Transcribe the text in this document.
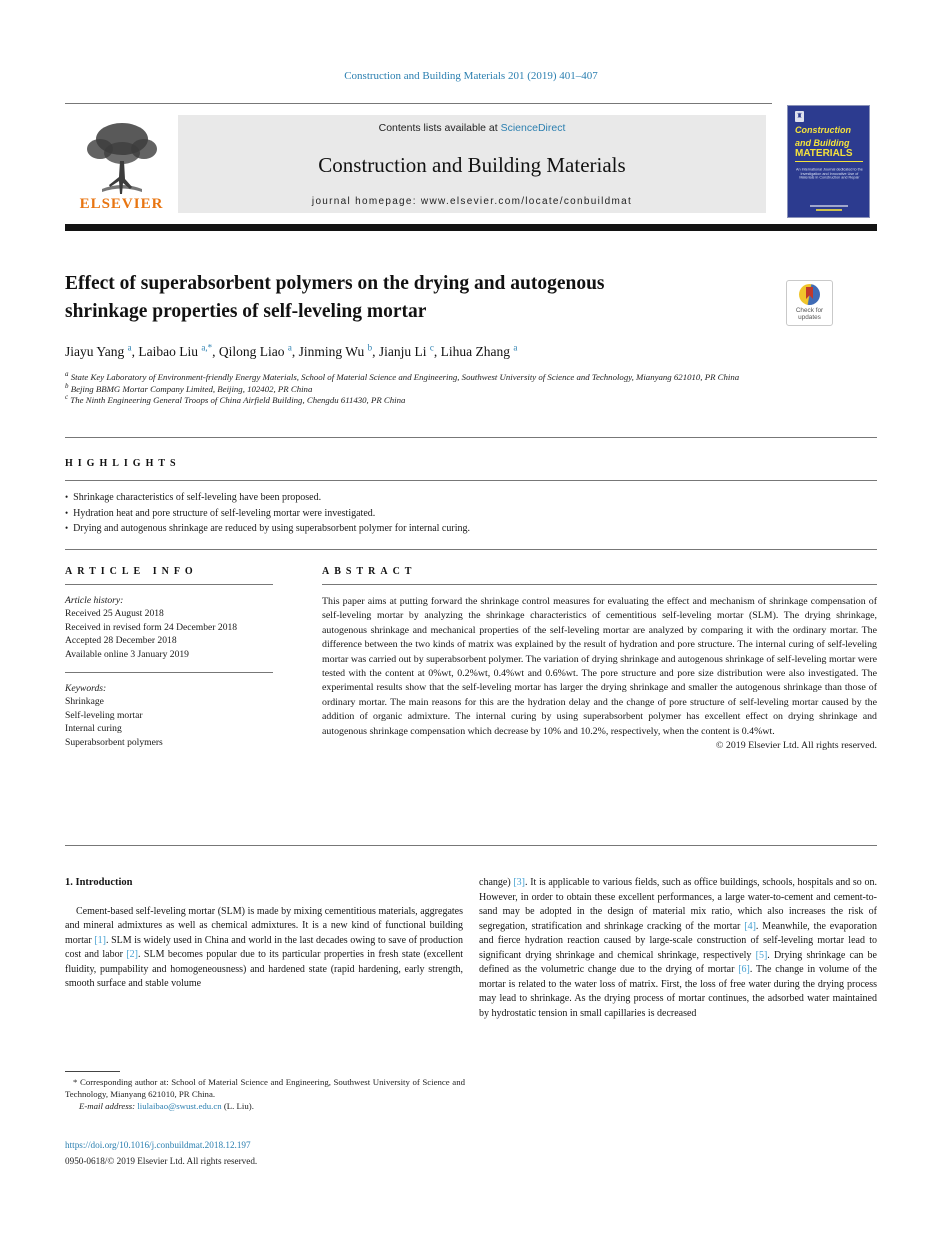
Construction and Building Materials 201 (2019) 401–407
ELSEVIER
Contents lists available at ScienceDirect
Construction and Building Materials
journal homepage: www.elsevier.com/locate/conbuildmat
♜
Construction
and Building
MATERIALS
An International Journal dedicated to the Investigation and Innovative Use of Materials in Construction and Repair
Effect of superabsorbent polymers on the drying and autogenous
shrinkage properties of self-leveling mortar	Check for
updates
Jiayu Yang $^a$, Laibao Liu $^{a,*}$, Qilong Liao $^a$, Jinming Wu $^b$, Jianju Li $^c$, Lihua Zhang $^a$
$^a$ State Key Laboratory of Environment-friendly Energy Materials, School of Material Science and Engineering, Southwest University of Science and Technology, Mianyang 621010, PR China
$^b$ Bejing BBMG Mortar Company Limited, Beijing, 102402, PR China
$^c$ The Ninth Engineering General Troops of China Airfield Building, Chengdu 611430, PR China
HIGHLIGHTS
• Shrinkage characteristics of self-leveling have been proposed.
• Hydration heat and pore structure of self-leveling mortar were investigated.
• Drying and autogenous shrinkage are reduced by using superabsorbent polymer for internal curing.
ARTICLE INFO
Article history:
Received 25 August 2018
Received in revised form 24 December 2018
Accepted 28 December 2018
Available online 3 January 2019
Keywords:
Shrinkage
Self-leveling mortar
Internal curing
Superabsorbent polymers
ABSTRACT
This paper aims at putting forward the shrinkage control measures for evaluating the effect and mechanism of shrinkage compensation of self-leveling mortar by analyzing the shrinkage characteristics of cementitious self-leveling mortar (SLM). The drying shrinkage, autogenous shrinkage and mechanical properties of the self-leveling mortar are analyzed by comparing it with the ordinary mortar. The difference between the two kinds of matrix was explained by the result of hydration and pore structure. The internal curing of self-leveling mortar was carried out by superabsorbent polymer. The variation of drying shrinkage and autogenous shrinkage of self-leveling mortar were tested with the content at 0%wt, 0.2%wt, 0.4%wt and 0.6%wt. The pore structure and pore size distribution were also investigated. The experimental results show that the self-leveling mortar has larger the drying shrinkage and smaller the autogenous shrinkage than those of ordinary mortar. The main reasons for this are the hydration delay and the change of pore structure of self-leveling mortar caused by the addition of organic admixture. The internal curing by using superabsorbent polymer has excellent effect on drying shrinkage and autogenous shrinkage compensation which decrease by 10% and 10.2%, respectively, when the content is 0.4%wt.
© 2019 Elsevier Ltd. All rights reserved.
1. Introduction

Cement-based self-leveling mortar (SLM) is made by mixing cementitious materials, aggregates and mineral admixtures as well as chemical admixtures. It is a new kind of functional building mortar [1]. SLM is widely used in China and world in the last decades owing to save of production cost and labor [2]. SLM becomes popular due to its particular properties in fresh state (excellent fluidity, pumpability and homogeneousness) and hardened state (rapid hardening, early strength, smooth surface and stable volume

change) [3]. It is applicable to various fields, such as office buildings, schools, hospitals and so on. However, in order to obtain these excellent performances, a large water-to-cement and cement-to-sand may be adopted in the design of material mix ratio, which also increases the risk of segregation, stratification and shrinkage cracking of the mortar [4]. Meanwhile, the evaporation and fierce hydration reaction caused by large-scale construction of self-leveling mortar lead to significant drying shrinkage and chemical shrinkage, respectively [5]. Drying shrinkage can be defined as the volumetric change due to the drying of mortar [6]. The change in volume of the mortar is related to the water loss of matrix. First, the loss of free water during the drying process may lead to shrinkage. As the drying process of mortar continues, the adsorbed water maintained by hydrostatic tension in small capillaries is decreased

* Corresponding author at: School of Material Science and Engineering, Southwest University of Science and Technology, Mianyang 621010, PR China.
E-mail address: liulaibao@swust.edu.cn (L. Liu).
https://doi.org/10.1016/j.conbuildmat.2018.12.197
0950-0618/© 2019 Elsevier Ltd. All rights reserved.
